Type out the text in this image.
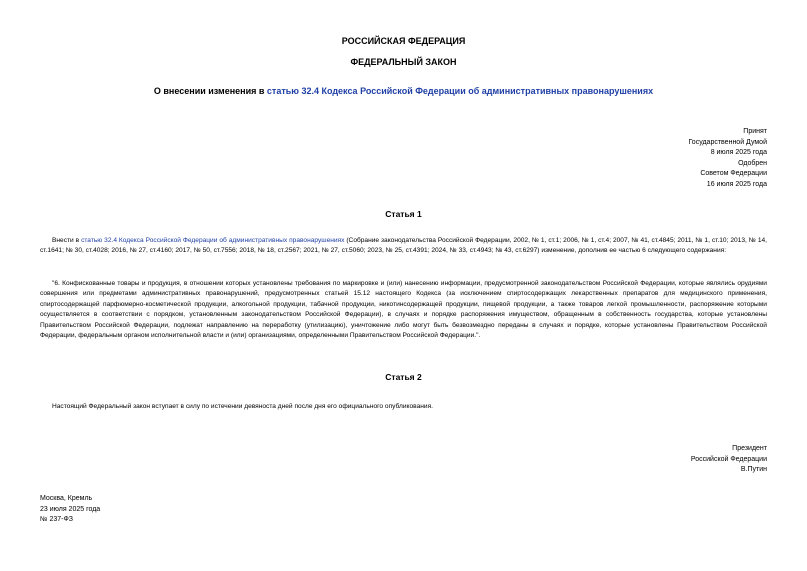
РОССИЙСКАЯ ФЕДЕРАЦИЯ
ФЕДЕРАЛЬНЫЙ ЗАКОН
О внесении изменения в статью 32.4 Кодекса Российской Федерации об административных правонарушениях
Принят
Государственной Думой
8 июля 2025 года
Одобрен
Советом Федерации
16 июля 2025 года
Статья 1
Внести в статью 32.4 Кодекса Российской Федерации об административных правонарушениях (Собрание законодательства Российской Федерации, 2002, № 1, ст.1; 2006, № 1, ст.4; 2007, № 41, ст.4845; 2011, № 1, ст.10; 2013, № 14, ст.1641; № 30, ст.4028; 2016, № 27, ст.4160; 2017, № 50, ст.7556; 2018, № 18, ст.2567; 2021, № 27, ст.5060; 2023, № 25, ст.4391; 2024, № 33, ст.4943; № 43, ст.6297) изменение, дополнив ее частью 6 следующего содержания:
"6. Конфискованные товары и продукция, в отношении которых установлены требования по маркировке и (или) нанесению информации, предусмотренной законодательством Российской Федерации, которые являлись орудиями совершения или предметами административных правонарушений, предусмотренных статьей 15.12 настоящего Кодекса (за исключением спиртосодержащих лекарственных препаратов для медицинского применения, спиртосодержащей парфюмерно-косметической продукции, алкогольной продукции, табачной продукции, никотинсодержащей продукции, пищевой продукции, а также товаров легкой промышленности, распоряжение которыми осуществляется в соответствии с порядком, установленным законодательством Российской Федерации), в случаях и порядке распоряжения имуществом, обращенным в собственность государства, которые установлены Правительством Российской Федерации, подлежат направлению на переработку (утилизацию), уничтожение либо могут быть безвозмездно переданы в случаях и порядке, которые установлены Правительством Российской Федерации, федеральным органом исполнительной власти и (или) организациями, определенными Правительством Российской Федерации.".
Статья 2
Настоящий Федеральный закон вступает в силу по истечении девяноста дней после дня его официального опубликования.
Президент
Российской Федерации
В.Путин
Москва, Кремль
23 июля 2025 года
№ 237-ФЗ
